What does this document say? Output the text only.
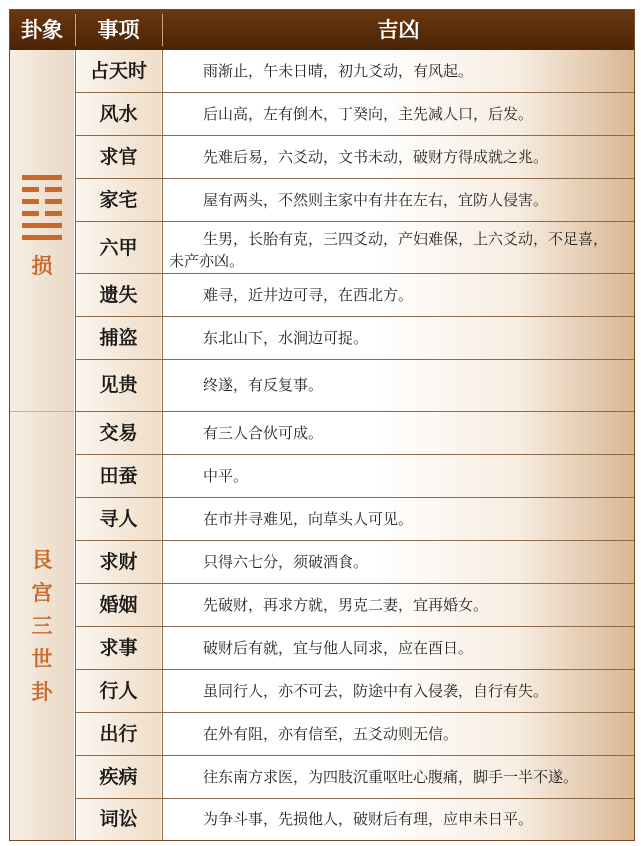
卦象	事项	吉凶
损
艮
宫
三
世
卦
占天时	雨渐止，午未日晴，初九爻动，有风起。
风水	后山高，左有倒木，丁癸向，主先减人口，后发。
求官	先难后易，六爻动，文书未动，破财方得成就之兆。
家宅	屋有两头，不然则主家中有井在左右，宜防人侵害。
六甲	生男，长胎有克，三四爻动，产妇难保，上六爻动，不足喜，
未产亦凶。
遗失	难寻，近井边可寻，在西北方。
捕盗	东北山下，水涧边可捉。
见贵	终遂，有反复事。
交易	有三人合伙可成。
田蚕	中平。
寻人	在市井寻难见，向草头人可见。
求财	只得六七分，须破酒食。
婚姻	先破财，再求方就，男克二妻，宜再婚女。
求事	破财后有就，宜与他人同求，应在酉日。
行人	虽同行人，亦不可去，防途中有入侵袭，自行有失。
出行	在外有阻，亦有信至，五爻动则无信。
疾病	往东南方求医，为四肢沉重呕吐心腹痛，脚手一半不遂。
词讼	为争斗事，先损他人，破财后有理，应申未日平。
